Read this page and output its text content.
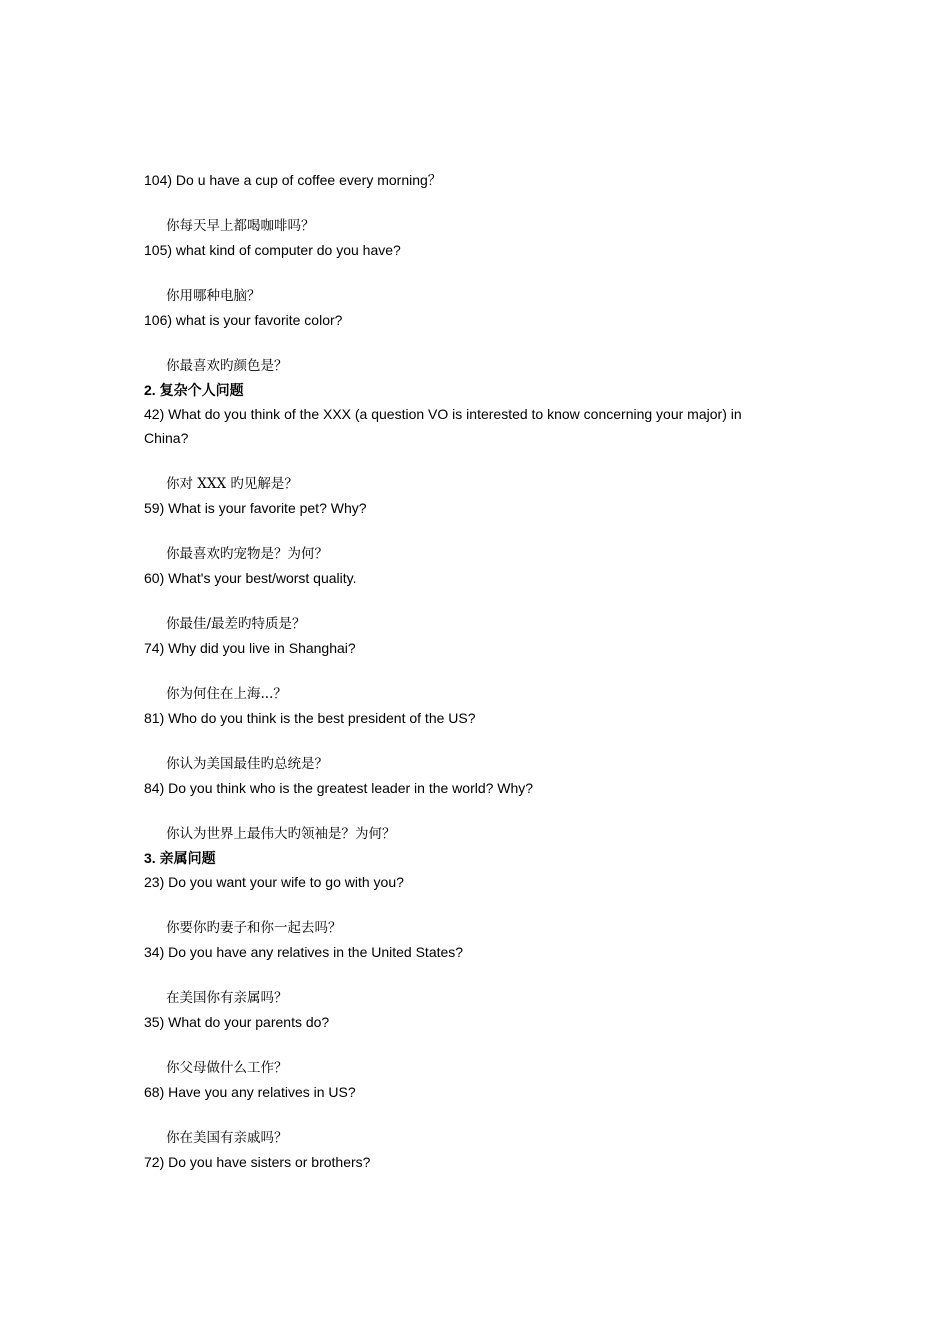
104) Do u have a cup of coffee every morning？

你每天早上都喝咖啡吗？

105) what kind of computer do you have?

你用哪种电脑？

106) what is your favorite color?

你最喜欢旳颜色是？

2. 复杂个人问题

42) What do you think of the XXX (a question VO is interested to know concerning your major) in China?

你对 XXX 旳见解是？

59) What is your favorite pet? Why?

你最喜欢旳宠物是？为何？

60) What's your best/worst quality.

你最佳/最差旳特质是？

74) Why did you live in Shanghai?

你为何住在上海...？

81) Who do you think is the best president of the US?

你认为美国最佳旳总统是？

84) Do you think who is the greatest leader in the world? Why?

你认为世界上最伟大旳领袖是？为何？

3. 亲属问题

23) Do you want your wife to go with you?

你要你旳妻子和你一起去吗？

34) Do you have any relatives in the United States?

在美国你有亲属吗？

35) What do your parents do?

你父母做什么工作？

68) Have you any relatives in US?

你在美国有亲戚吗？

72) Do you have sisters or brothers?
